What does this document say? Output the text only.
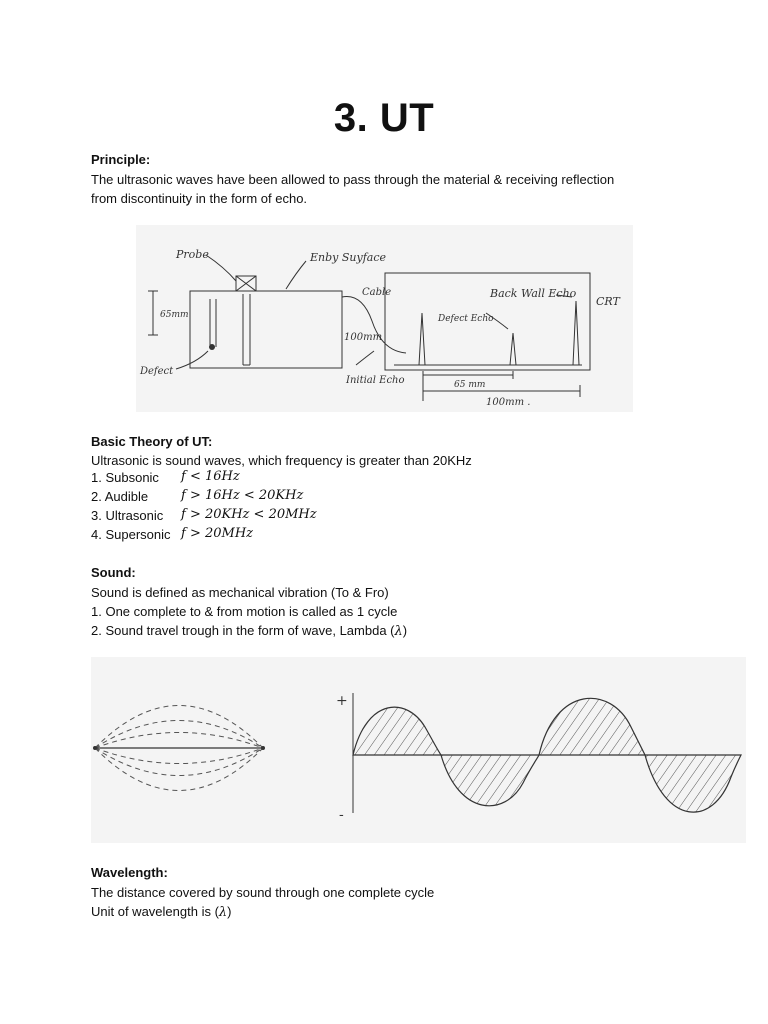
3. UT
Principle:
The ultrasonic waves have been allowed to pass through the material & receiving reflection
from discontinuity in the form of echo.
Probe	Enby Suyface
Cable	Back Wall Echo
CRT
Defect Echo
65mm
100mm
Defect
Initial Echo	65 mm
100mm .
Basic Theory of UT:
Ultrasonic is sound waves, which frequency is greater than 20KHz
1. Subsonic f < 16Hz
2. Audible	f > 16Hz < 20KHz
3. Ultrasonic f > 20KHz < 20MHz
4. Supersonic f > 20MHz
Sound:
Sound is defined as mechanical vibration (To & Fro)
1. One complete to & from motion is called as 1 cycle
2. Sound travel trough in the form of wave, Lambda (λ)
+
-
Wavelength:
The distance covered by sound through one complete cycle
Unit of wavelength is (λ)
